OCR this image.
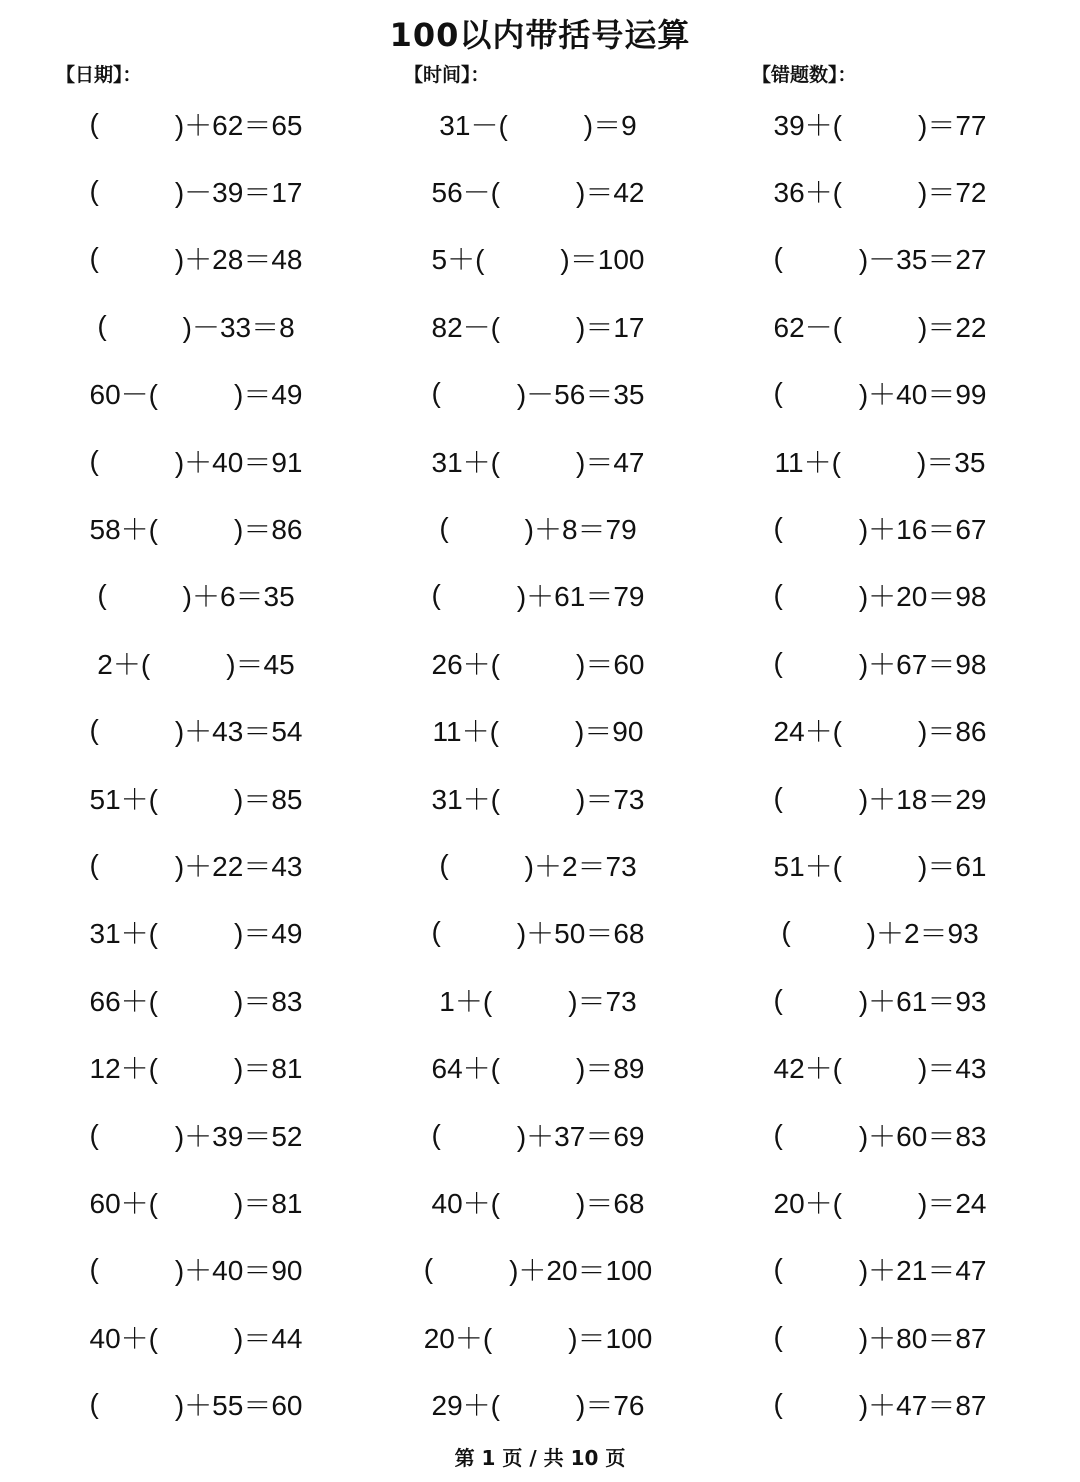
100以内带括号运算
【日期】：	【时间】：	【错题数】：
(	)＋62＝65	31－(	)＝9	39＋(	)＝77
(	)－39＝17	56－(	)＝42	36＋(	)＝72
(	)＋28＝48	5＋(	)＝100	(	)－35＝27
(	)－33＝8	82－(	)＝17	62－(	)＝22
60－(	)＝49	(	)－56＝35	(	)＋40＝99
(	)＋40＝91	31＋(	)＝47	11＋(	)＝35
58＋(	)＝86	(	)＋8＝79	(	)＋16＝67
(	)＋6＝35	(	)＋61＝79	(	)＋20＝98
2＋(	)＝45	26＋(	)＝60	(	)＋67＝98
(	)＋43＝54	11＋(	)＝90	24＋(	)＝86
51＋(	)＝85	31＋(	)＝73	(	)＋18＝29
(	)＋22＝43	(	)＋2＝73	51＋(	)＝61
31＋(	)＝49	(	)＋50＝68	(	)＋2＝93
66＋(	)＝83	1＋(	)＝73	(	)＋61＝93
12＋(	)＝81	64＋(	)＝89	42＋(	)＝43
(	)＋39＝52	(	)＋37＝69	(	)＋60＝83
60＋(	)＝81	40＋(	)＝68	20＋(	)＝24
(	)＋40＝90	(	)＋20＝100	(	)＋21＝47
40＋(	)＝44	20＋(	)＝100	(	)＋80＝87
(	)＋55＝60	29＋(	)＝76	(	)＋47＝87
第 1 页 / 共 10 页
